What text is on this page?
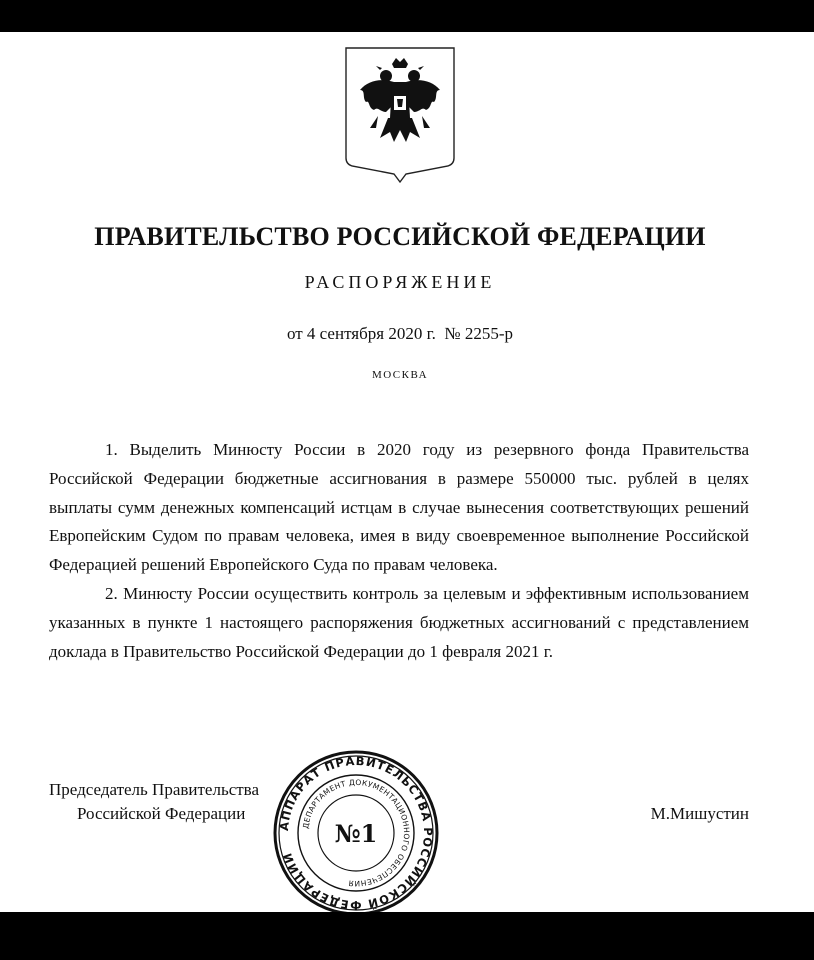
ПРАВИТЕЛЬСТВО РОССИЙСКОЙ ФЕДЕРАЦИИ
РАСПОРЯЖЕНИЕ
от 4 сентября 2020 г. № 2255-р
МОСКВА

1. Выделить Минюсту России в 2020 году из резервного фонда Правительства Российской Федерации бюджетные ассигнования в размере 550000 тыс. рублей в целях выплаты сумм денежных компенсаций истцам в случае вынесения соответствующих решений Европейским Судом по правам человека, имея в виду своевременное выполнение Российской Федерацией решений Европейского Суда по правам человека.

2. Минюсту России осуществить контроль за целевым и эффективным использованием указанных в пункте 1 настоящего распоряжения бюджетных ассигнований с представлением доклада в Правительство Российской Федерации до 1 февраля 2021 г.

Председатель Правительства
Российской Федерации	М.Мишустин
АППАРАТ ПРАВИТЕЛЬСТВА РОССИЙСКОЙ ФЕДЕРАЦИИ
ДЕПАРТАМЕНТ ДОКУМЕНТАЦИОННОГО ОБЕСПЕЧЕНИЯ
№1
